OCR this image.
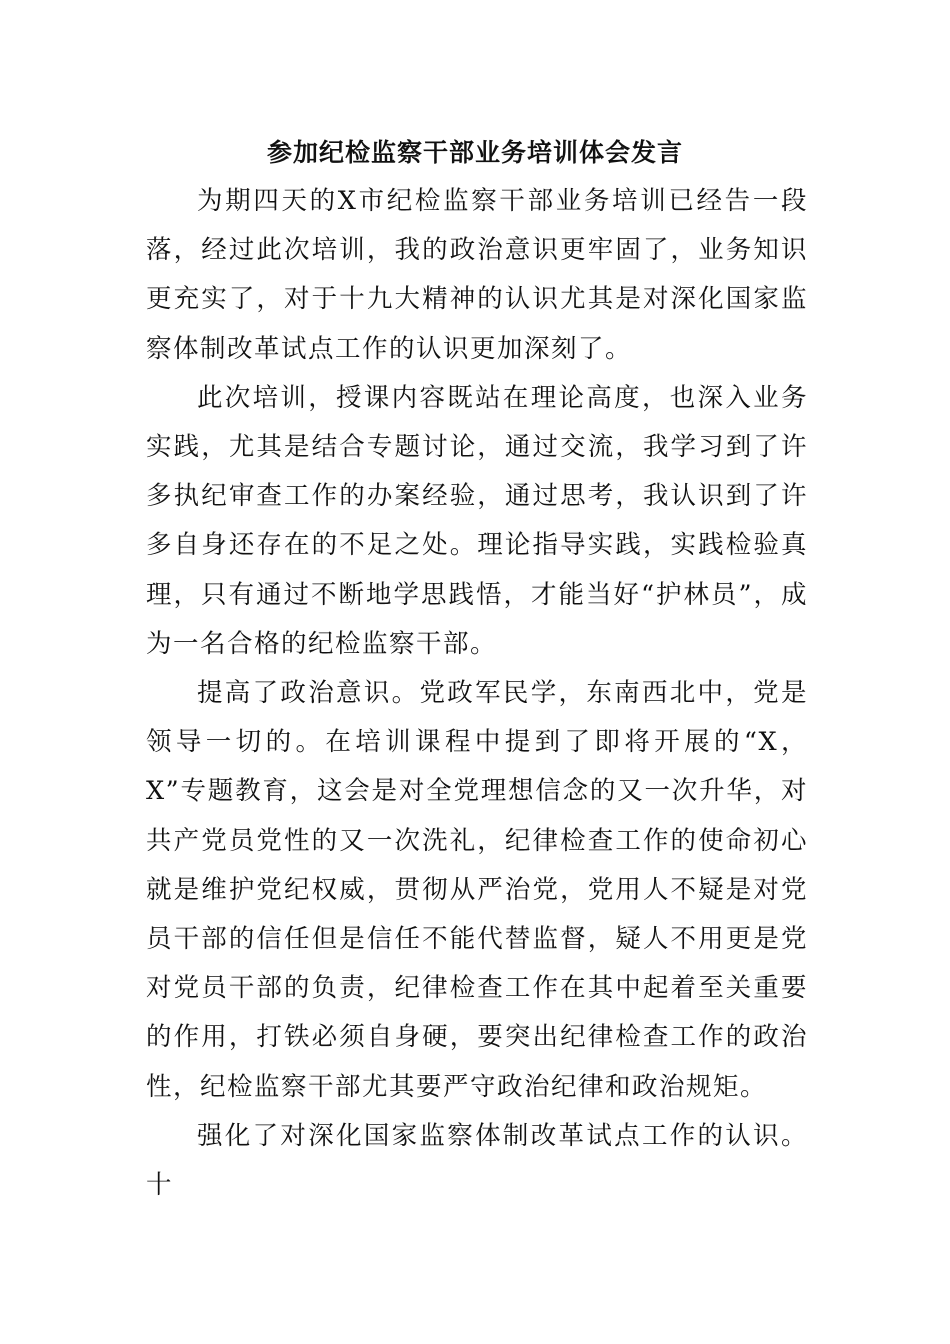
参加纪检监察干部业务培训体会发言

为期四天的X市纪检监察干部业务培训已经告一段落，经过此次培训，我的政治意识更牢固了，业务知识更充实了，对于十九大精神的认识尤其是对深化国家监察体制改革试点工作的认识更加深刻了。

此次培训，授课内容既站在理论高度，也深入业务实践，尤其是结合专题讨论，通过交流，我学习到了许多执纪审查工作的办案经验，通过思考，我认识到了许多自身还存在的不足之处。理论指导实践，实践检验真理，只有通过不断地学思践悟，才能当好“护林员”，成为一名合格的纪检监察干部。

提高了政治意识。党政军民学，东南西北中，党是领导一切的。在培训课程中提到了即将开展的“X，X”专题教育，这会是对全党理想信念的又一次升华，对共产党员党性的又一次洗礼，纪律检查工作的使命初心就是维护党纪权威，贯彻从严治党，党用人不疑是对党员干部的信任但是信任不能代替监督，疑人不用更是党对党员干部的负责，纪律检查工作在其中起着至关重要的作用，打铁必须自身硬，要突出纪律检查工作的政治性，纪检监察干部尤其要严守政治纪律和政治规矩。

强化了对深化国家监察体制改革试点工作的认识。十
